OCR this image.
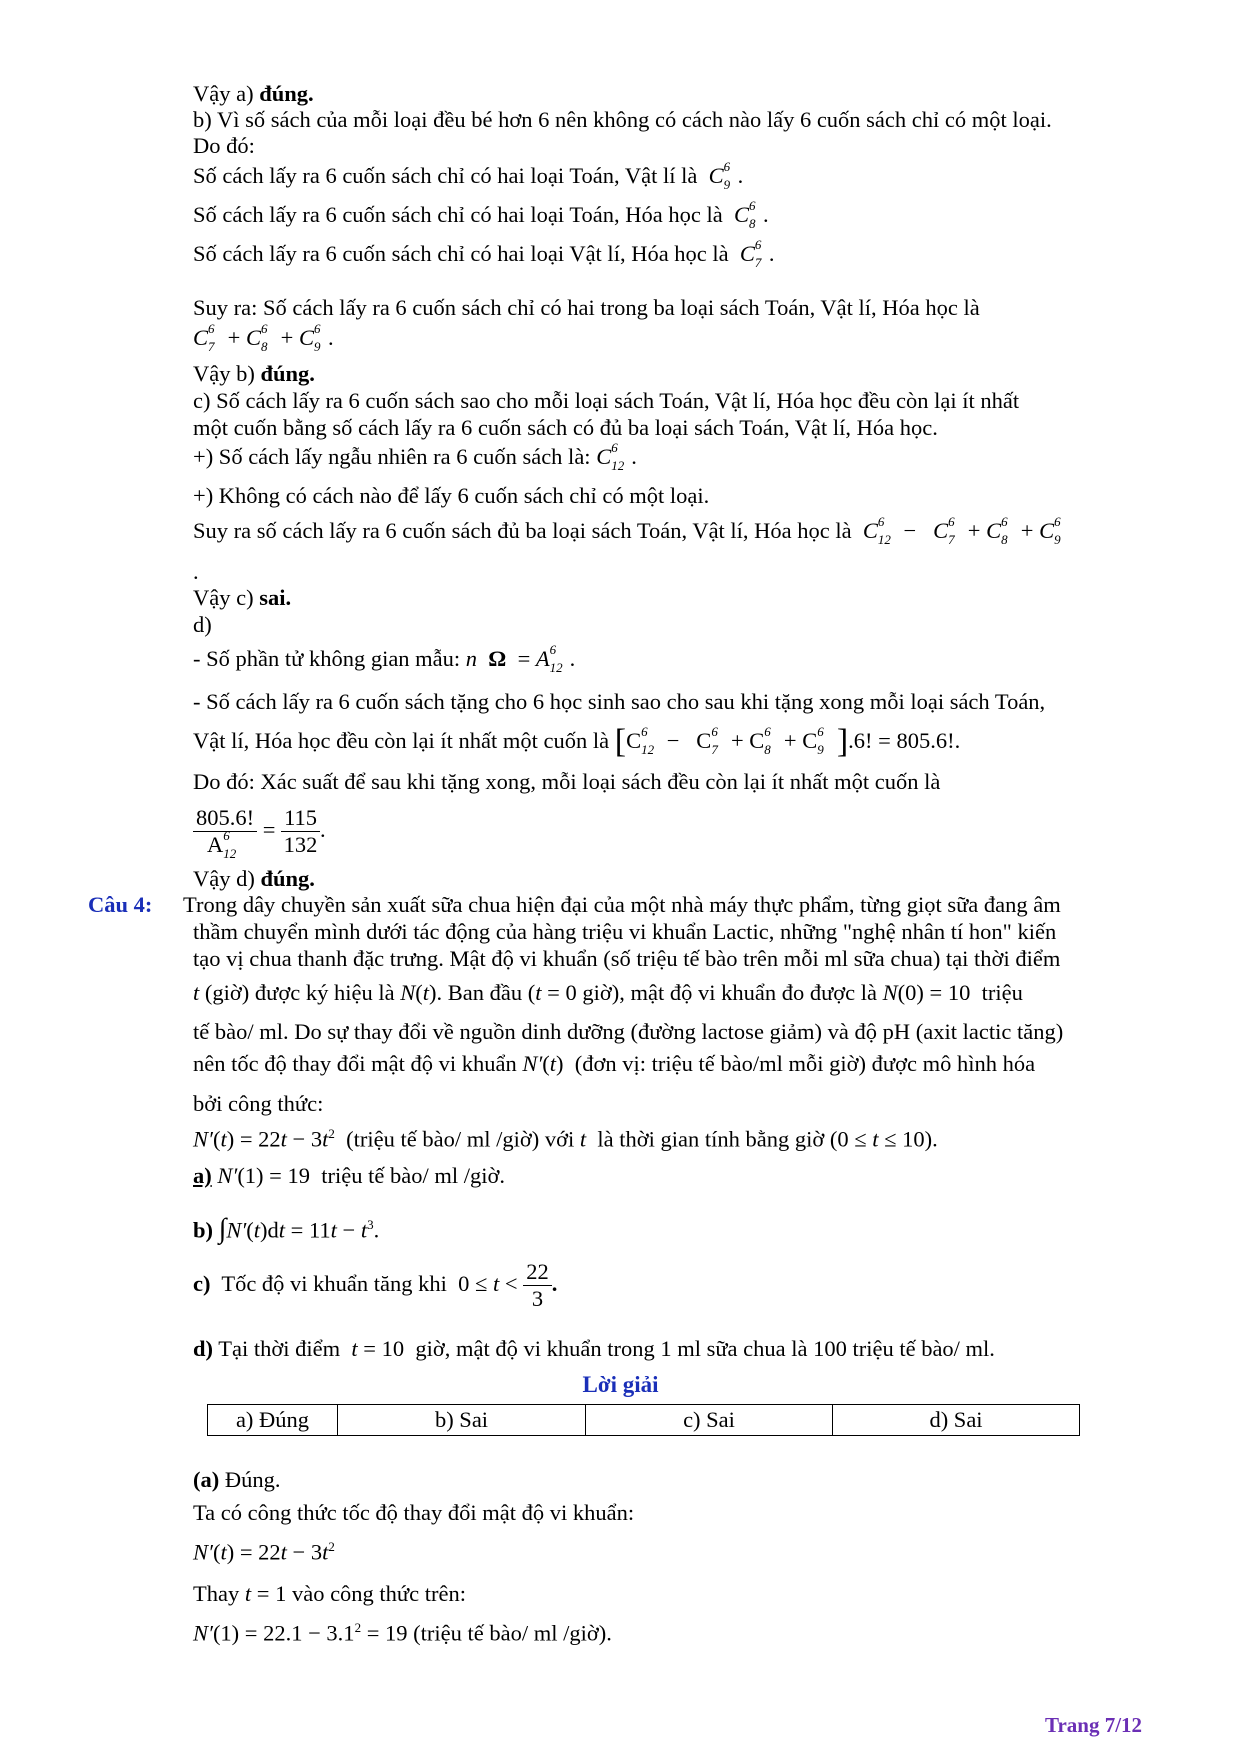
Vậy a) đúng.
b) Vì số sách của mỗi loại đều bé hơn 6 nên không có cách nào lấy 6 cuốn sách chỉ có một loại.
Do đó:
Số cách lấy ra 6 cuốn sách chỉ có hai loại Toán, Vật lí là C 6
9 .
Số cách lấy ra 6 cuốn sách chỉ có hai loại Toán, Hóa học là C 6
8 .
Số cách lấy ra 6 cuốn sách chỉ có hai loại Vật lí, Hóa học là C 6
7 .
Suy ra: Số cách lấy ra 6 cuốn sách chỉ có hai trong ba loại sách Toán, Vật lí, Hóa học là
C 6
7 + C 6
8 + C 6
9 .
Vậy b) đúng.
c) Số cách lấy ra 6 cuốn sách sao cho mỗi loại sách Toán, Vật lí, Hóa học đều còn lại ít nhất
một cuốn bằng số cách lấy ra 6 cuốn sách có đủ ba loại sách Toán, Vật lí, Hóa học.
+) Số cách lấy ngẫu nhiên ra 6 cuốn sách là: C 6
12 .
+) Không có cách nào để lấy 6 cuốn sách chỉ có một loại.
Suy ra số cách lấy ra 6 cuốn sách đủ ba loại sách Toán, Vật lí, Hóa học là C 6
12 −   C 6
7 + C 6
8 + C 6
9
.
Vậy c) sai.
d)
- Số phần tử không gian mẫu: n Ω  = A 6
12 .
- Số cách lấy ra 6 cuốn sách tặng cho 6 học sinh sao cho sau khi tặng xong mỗi loại sách Toán,
Vật lí, Hóa học đều còn lại ít nhất một cuốn là [C 6
12 −   C 6
7 + C 6
8 + C 6
9 ].6! = 805.6!.
Do đó: Xác suất để sau khi tặng xong, mỗi loại sách đều còn lại ít nhất một cuốn là
805.6!
A 6
$12 = \frac{115}{132}$ .
Vậy d) đúng.
Câu 4: Trong dây chuyền sản xuất sữa chua hiện đại của một nhà máy thực phẩm, từng giọt sữa đang âm
thầm chuyển mình dưới tác động của hàng triệu vi khuẩn Lactic, những "nghệ nhân tí hon" kiến
tạo vị chua thanh đặc trưng. Mật độ vi khuẩn (số triệu tế bào trên mỗi ml sữa chua) tại thời điểm
t (giờ) được ký hiệu là N(t). Ban đầu (t = 0 giờ), mật độ vi khuẩn đo được là N(0) = 10  triệu
tế bào/ ml. Do sự thay đổi về nguồn dinh dưỡng (đường lactose giảm) và độ pH (axit lactic tăng)
nên tốc độ thay đổi mật độ vi khuẩn N′(t)  (đơn vị: triệu tế bào/ml mỗi giờ) được mô hình hóa
bởi công thức:
$N'(t) = 22t - 3t^2$ (triệu tế bào/ ml /giờ) với t là thời gian tính bằng giờ (0 ≤ t ≤ 10).
a) N′(1) = 19  triệu tế bào/ ml /giờ.
b) $\int N'(t)dt = 11t - t^3$.
c) Tốc độ vi khuẩn tăng khi  $0 \le t < \frac{22}{3}$ .
d) Tại thời điểm t = 10  giờ, mật độ vi khuẩn trong 1 ml sữa chua là 100 triệu tế bào/ ml.
Lời giải
a) Đúng	b) Sai	c) Sai	d) Sai
(a) Đúng.
Ta có công thức tốc độ thay đổi mật độ vi khuẩn:
$N'(t) = 22t - 3t^2$
Thay t = 1 vào công thức trên:
$N'(1) = 22.1 - 3.1^2 = 19$ (triệu tế bào/ ml /giờ).
Trang 7/12
